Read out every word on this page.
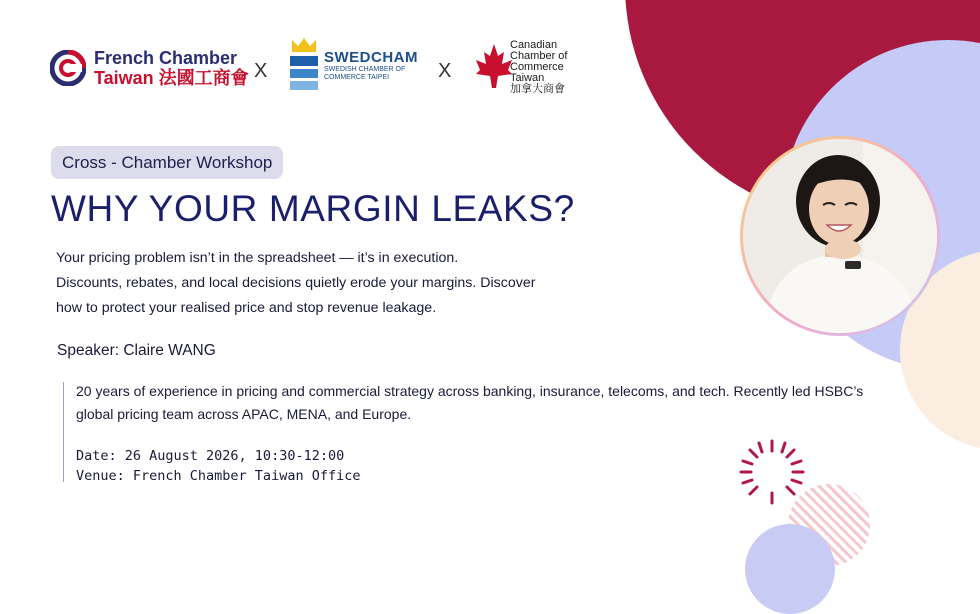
French Chamber
Taiwan 法國工商會 X
SWEDCHAM
SWEDISH CHAMBER OF COMMERCE TAIPEI	X
Canadian
Chamber of
Commerce
Taiwan
加拿大商會
Cross - Chamber Workshop
WHY YOUR MARGIN LEAKS?
Your pricing problem isn’t in the spreadsheet — it’s in execution.
Discounts, rebates, and local decisions quietly erode your margins. Discover
how to protect your realised price and stop revenue leakage.
Speaker: Claire WANG
20 years of experience in pricing and commercial strategy across banking, insurance, telecoms, and tech. Recently led HSBC’s global pricing team across APAC, MENA, and Europe.
Date: 26 August 2026, 10:30-12:00
Venue: French Chamber Taiwan Office
